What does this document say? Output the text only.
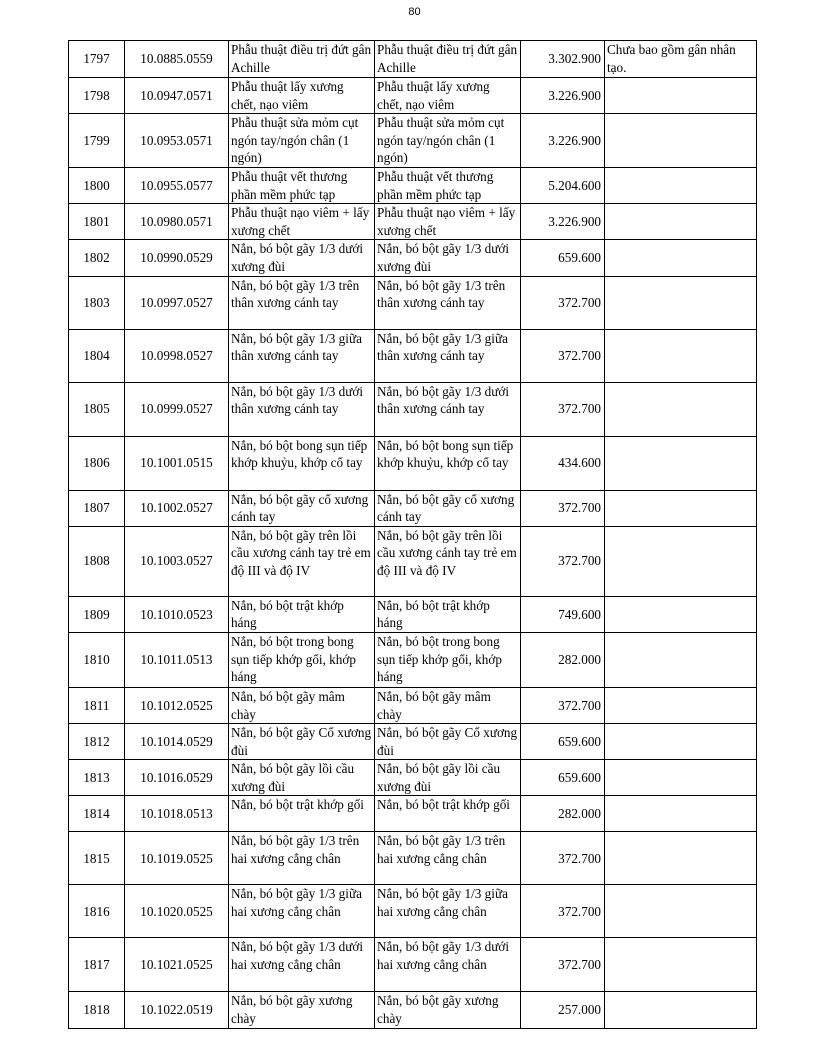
80
1797	10.0885.0559	Phẫu thuật điều trị đứt gân Achille	Phẫu thuật điều trị đứt gân Achille	3.302.900	Chưa bao gồm gân nhân tạo.
1798	10.0947.0571	Phẫu thuật lấy xương chết, nạo viêm	Phẫu thuật lấy xương chết, nạo viêm	3.226.900	
1799	10.0953.0571	Phẫu thuật sửa mỏm cụt ngón tay/ngón chân (1 ngón)	Phẫu thuật sửa mỏm cụt ngón tay/ngón chân (1 ngón)	3.226.900	
1800	10.0955.0577	Phẫu thuật vết thương phần mềm phức tạp	Phẫu thuật vết thương phần mềm phức tạp	5.204.600	
1801	10.0980.0571	Phẫu thuật nạo viêm + lấy xương chết	Phẫu thuật nạo viêm + lấy xương chết	3.226.900	
1802	10.0990.0529	Nắn, bó bột gãy 1/3 dưới xương đùi	Nắn, bó bột gãy 1/3 dưới xương đùi	659.600	
1803	10.0997.0527	Nắn, bó bột gãy 1/3 trên thân xương cánh tay	Nắn, bó bột gãy 1/3 trên thân xương cánh tay	372.700	
1804	10.0998.0527	Nắn, bó bột gãy 1/3 giữa thân xương cánh tay	Nắn, bó bột gãy 1/3 giữa thân xương cánh tay	372.700	
1805	10.0999.0527	Nắn, bó bột gãy 1/3 dưới thân xương cánh tay	Nắn, bó bột gãy 1/3 dưới thân xương cánh tay	372.700	
1806	10.1001.0515	Nắn, bó bột bong sụn tiếp khớp khuỷu, khớp cổ tay	Nắn, bó bột bong sụn tiếp khớp khuỷu, khớp cổ tay	434.600	
1807	10.1002.0527	Nắn, bó bột gãy cổ xương cánh tay	Nắn, bó bột gãy cổ xương cánh tay	372.700	
1808	10.1003.0527	Nắn, bó bột gãy trên lồi cầu xương cánh tay trẻ em độ III và độ IV	Nắn, bó bột gãy trên lồi cầu xương cánh tay trẻ em độ III và độ IV	372.700	
1809	10.1010.0523	Nắn, bó bột trật khớp háng	Nắn, bó bột trật khớp háng	749.600	
1810	10.1011.0513	Nắn, bó bột trong bong sụn tiếp khớp gối, khớp háng	Nắn, bó bột trong bong sụn tiếp khớp gối, khớp háng	282.000	
1811	10.1012.0525	Nắn, bó bột gãy mâm chày	Nắn, bó bột gãy mâm chày	372.700	
1812	10.1014.0529	Nắn, bó bột gãy Cổ xương đùi	Nắn, bó bột gãy Cổ xương đùi	659.600	
1813	10.1016.0529	Nắn, bó bột gãy lồi cầu xương đùi	Nắn, bó bột gãy lồi cầu xương đùi	659.600	
1814	10.1018.0513	Nắn, bó bột trật khớp gối	Nắn, bó bột trật khớp gối	282.000	
1815	10.1019.0525	Nắn, bó bột gãy 1/3 trên hai xương cẳng chân	Nắn, bó bột gãy 1/3 trên hai xương cẳng chân	372.700	
1816	10.1020.0525	Nắn, bó bột gãy 1/3 giữa hai xương cẳng chân	Nắn, bó bột gãy 1/3 giữa hai xương cẳng chân	372.700	
1817	10.1021.0525	Nắn, bó bột gãy 1/3 dưới hai xương cẳng chân	Nắn, bó bột gãy 1/3 dưới hai xương cẳng chân	372.700	
1818	10.1022.0519	Nắn, bó bột gãy xương chày	Nắn, bó bột gãy xương chày	257.000	
